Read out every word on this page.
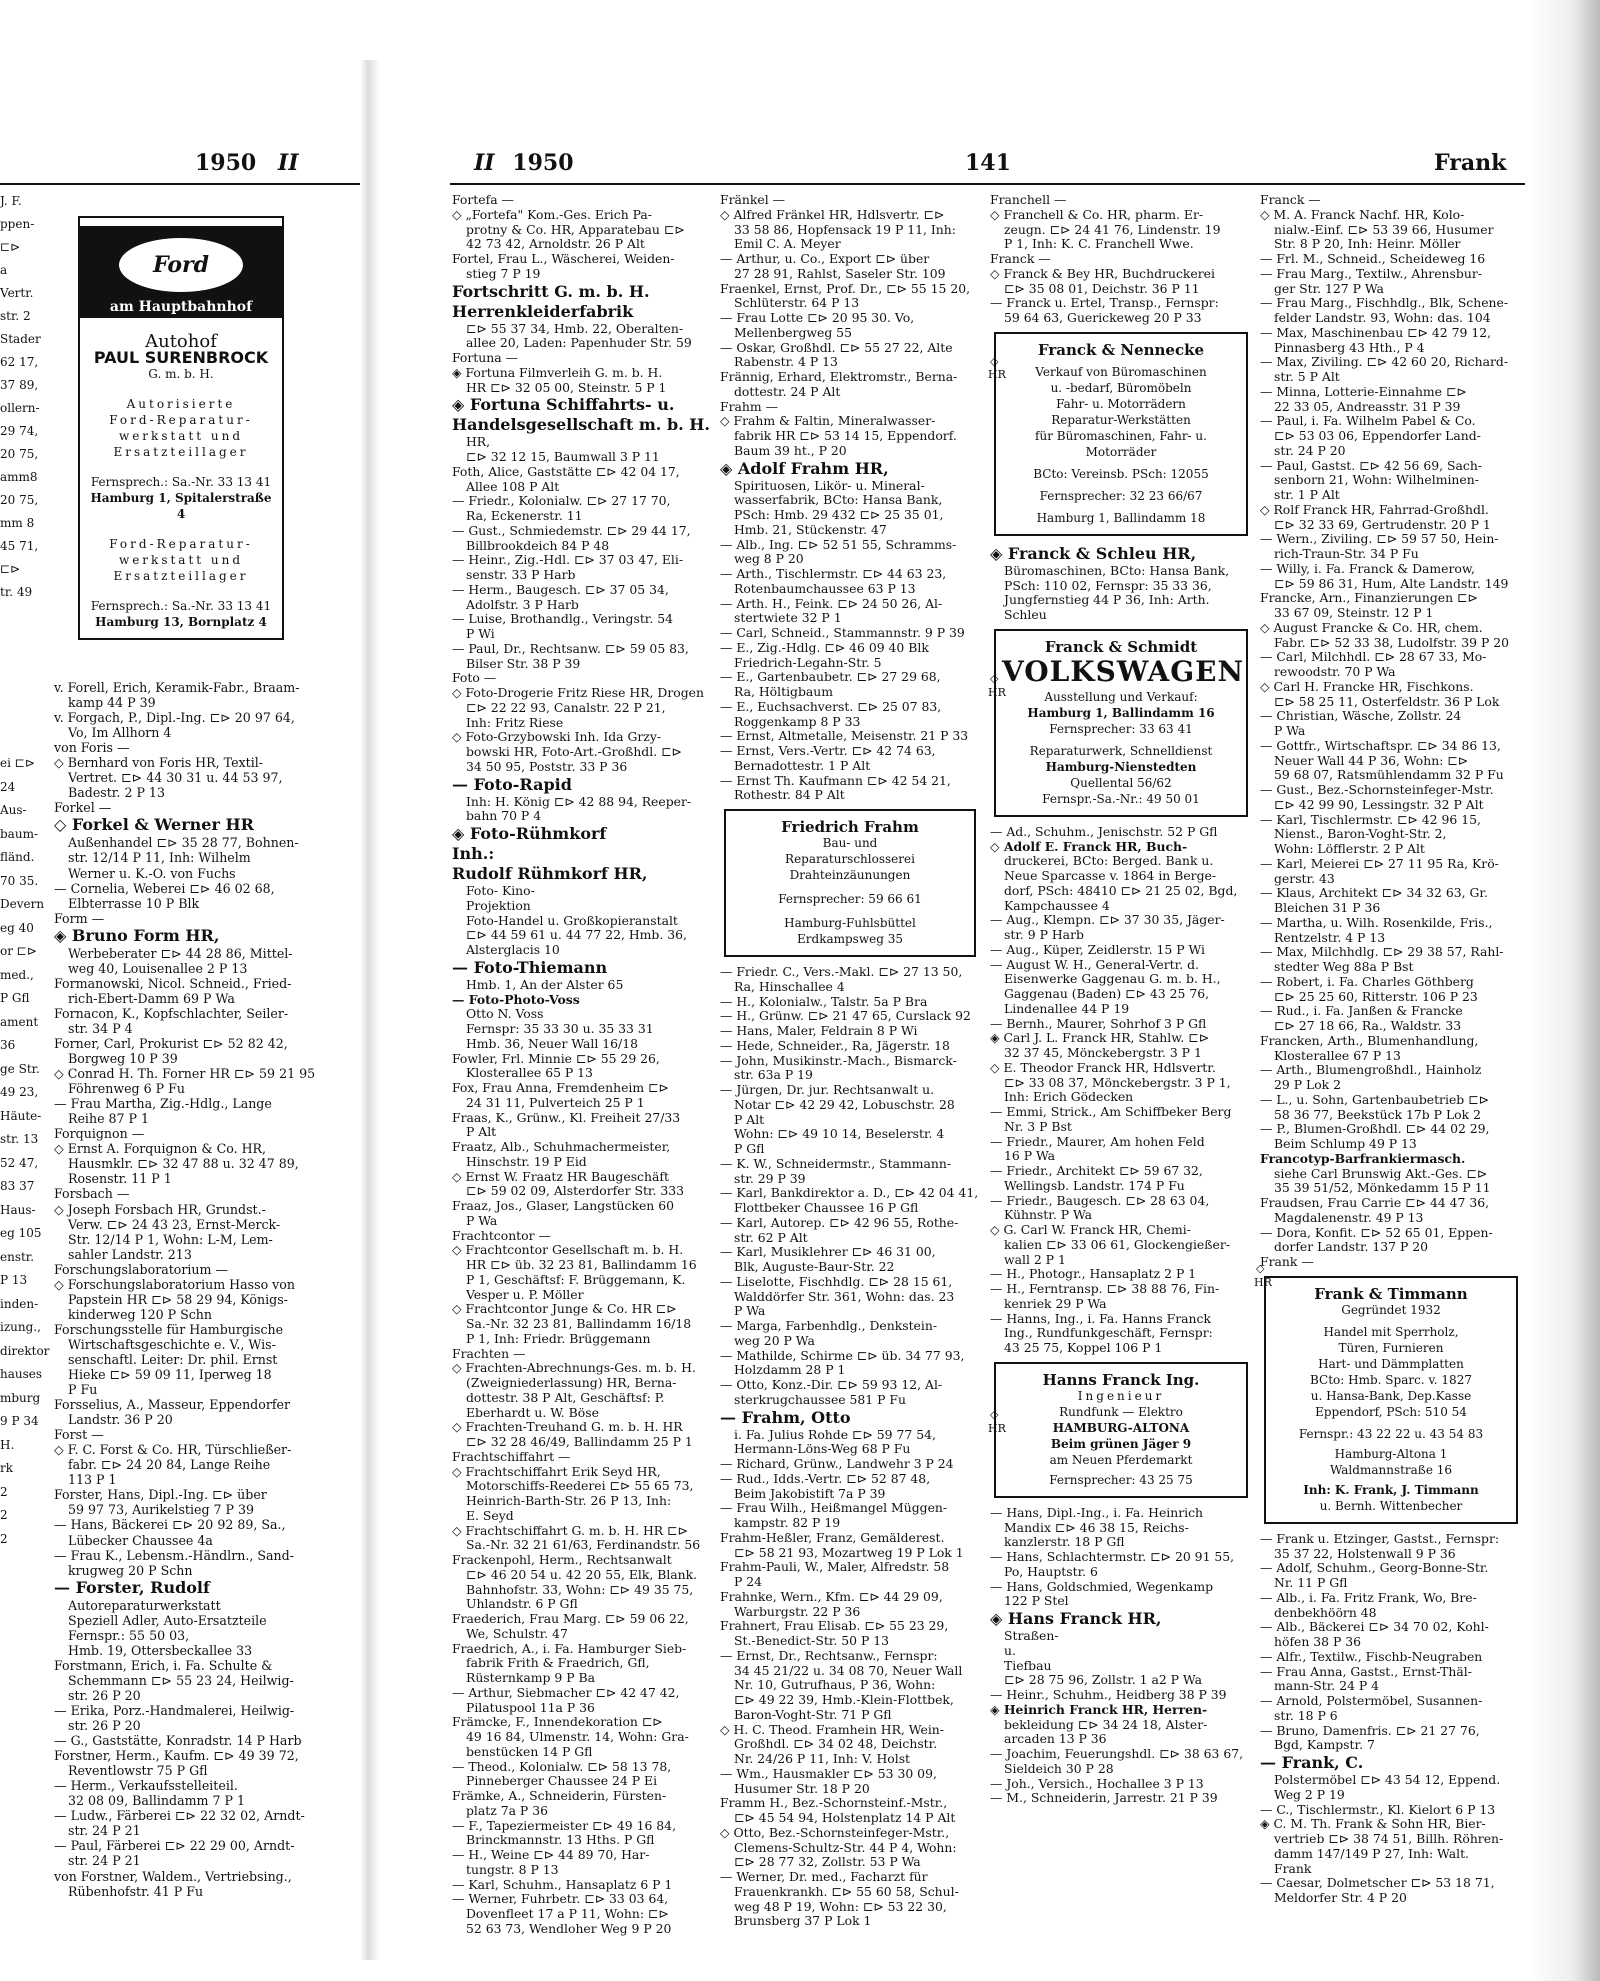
1950 II
J. F.
ppen-
⊏⊳
a
Vertr.
str. 2
Stader
62 17,
37 89,
ollern-
29 74,
20 75,
amm8
20 75,
mm 8
45 71,
⊏⊳
tr. 49
ei ⊏⊳
24
Aus-
baum-
fländ.
70 35.
Devern
eg 40
or ⊏⊳
med.,
P Gfl
ament
36
ge Str.
49 23,
Häute-
str. 13
52 47,
83 37
Haus-
eg 105
enstr.
P 13
inden-
izung.,
direktor
hauses
mburg
9 P 34
H.
rk
2
2
2
Ford
am Hauptbahnhof
Autohof
PAUL SURENBROCK
G. m. b. H.
Autorisierte
Ford-Reparatur-
werkstatt und
Ersatzteillager
Fernsprech.: Sa.-Nr. 33 13 41
Hamburg 1, Spitalerstraße 4
Ford-Reparatur-
werkstatt und
Ersatzteillager
Fernsprech.: Sa.-Nr. 33 13 41
Hamburg 13, Bornplatz 4

v. Forell, Erich, Keramik-Fabr., Braam-

kamp 44 P 39

v. Forgach, P., Dipl.-Ing. ⊏⊳ 20 97 64,

Vo, Im Allhorn 4

von Foris —

◇ Bernhard von Foris HR, Textil-

Vertret. ⊏⊳ 44 30 31 u. 44 53 97,

Badestr. 2 P 13

Forkel —

◇ Forkel & Werner HR

Außenhandel ⊏⊳ 35 28 77, Bohnen-

str. 12/14 P 11, Inh: Wilhelm

Werner u. K.-O. von Fuchs

— Cornelia, Weberei ⊏⊳ 46 02 68,

Elbterrasse 10 P Blk

Form —

◈ Bruno Form HR,

Werbeberater ⊏⊳ 44 28 86, Mittel-

weg 40, Louisenallee 2 P 13

Formanowski, Nicol. Schneid., Fried-

rich-Ebert-Damm 69 P Wa

Fornacon, K., Kopfschlachter, Seiler-

str. 34 P 4

Forner, Carl, Prokurist ⊏⊳ 52 82 42,

Borgweg 10 P 39

◇ Conrad H. Th. Forner HR ⊏⊳ 59 21 95

Föhrenweg 6 P Fu

— Frau Martha, Zig.-Hdlg., Lange

Reihe 87 P 1

Forquignon —

◇ Ernst A. Forquignon & Co. HR,

Hausmklr. ⊏⊳ 32 47 88 u. 32 47 89,

Rosenstr. 11 P 1

Forsbach —

◇ Joseph Forsbach HR, Grundst.-

Verw. ⊏⊳ 24 43 23, Ernst-Merck-

Str. 12/14 P 1, Wohn: L-M, Lem-

sahler Landstr. 213

Forschungslaboratorium —

◇ Forschungslaboratorium Hasso von

Papstein HR ⊏⊳ 58 29 94, Königs-

kinderweg 120 P Schn

Forschungsstelle für Hamburgische

Wirtschaftsgeschichte e. V., Wis-

senschaftl. Leiter: Dr. phil. Ernst

Hieke ⊏⊳ 59 09 11, Iperweg 18

P Fu

Forsselius, A., Masseur, Eppendorfer

Landstr. 36 P 20

Forst —

◇ F. C. Forst & Co. HR, Türschließer-

fabr. ⊏⊳ 24 20 84, Lange Reihe

113 P 1

Forster, Hans, Dipl.-Ing. ⊏⊳ über

59 97 73, Aurikelstieg 7 P 39

— Hans, Bäckerei ⊏⊳ 20 92 89, Sa.,

Lübecker Chaussee 4a

— Frau K., Lebensm.-Händlrn., Sand-

krugweg 20 P Schn

— Forster, Rudolf

Autoreparaturwerkstatt

Speziell Adler, Auto-Ersatzteile

Fernspr.: 55 50 03,

Hmb. 19, Ottersbeckallee 33

Forstmann, Erich, i. Fa. Schulte &

Schemmann ⊏⊳ 55 23 24, Heilwig-

str. 26 P 20

— Erika, Porz.-Handmalerei, Heilwig-

str. 26 P 20

— G., Gaststätte, Konradstr. 14 P Harb

Forstner, Herm., Kaufm. ⊏⊳ 49 39 72,

Reventlowstr 75 P Gfl

— Herm., Verkaufsstelleiteil.

32 08 09, Ballindamm 7 P 1

— Ludw., Färberei ⊏⊳ 22 32 02, Arndt-

str. 24 P 21

— Paul, Färberei ⊏⊳ 22 29 00, Arndt-

str. 24 P 21

von Forstner, Waldem., Vertriebsing.,

Rübenhofstr. 41 P Fu

II 1950	141	Frank

Fortefa —

◇ „Fortefa" Kom.-Ges. Erich Pa-

protny & Co. HR, Apparatebau ⊏⊳

42 73 42, Arnoldstr. 26 P Alt

Fortel, Frau L., Wäscherei, Weiden-

stieg 7 P 19

Fortschritt G. m. b. H.

Herrenkleiderfabrik

⊏⊳ 55 37 34, Hmb. 22, Oberalten-

allee 20, Laden: Papenhuder Str. 59

Fortuna —

◈ Fortuna Filmverleih G. m. b. H.

HR ⊏⊳ 32 05 00, Steinstr. 5 P 1

◈ Fortuna Schiffahrts- u.

Handelsgesellschaft m. b. H.

HR,

⊏⊳ 32 12 15, Baumwall 3 P 11

Foth, Alice, Gaststätte ⊏⊳ 42 04 17,

Allee 108 P Alt

— Friedr., Kolonialw. ⊏⊳ 27 17 70,

Ra, Eckenerstr. 11

— Gust., Schmiedemstr. ⊏⊳ 29 44 17,

Billbrookdeich 84 P 48

— Heinr., Zig.-Hdl. ⊏⊳ 37 03 47, Eli-

senstr. 33 P Harb

— Herm., Baugesch. ⊏⊳ 37 05 34,

Adolfstr. 3 P Harb

— Luise, Brothandlg., Veringstr. 54

P Wi

— Paul, Dr., Rechtsanw. ⊏⊳ 59 05 83,

Bilser Str. 38 P 39

Foto —

◇ Foto-Drogerie Fritz Riese HR, Drogen

⊏⊳ 22 22 93, Canalstr. 22 P 21,

Inh: Fritz Riese

◇ Foto-Grzybowski Inh. Ida Grzy-

bowski HR, Foto-Art.-Großhdl. ⊏⊳

34 50 95, Poststr. 33 P 36

— Foto-Rapid

Inh: H. König ⊏⊳ 42 88 94, Reeper-

bahn 70 P 4

◈ Foto-Rühmkorf

Inh.:

Rudolf Rühmkorf HR,

Foto- Kino-

Projektion

Foto-Handel u. Großkopieranstalt

⊏⊳ 44 59 61 u. 44 77 22, Hmb. 36,

Alsterglacis 10

— Foto-Thiemann

Hmb. 1, An der Alster 65

— Foto-Photo-Voss

Otto N. Voss

Fernspr: 35 33 30 u. 35 33 31

Hmb. 36, Neuer Wall 16/18

Fowler, Frl. Minnie ⊏⊳ 55 29 26,

Klosterallee 65 P 13

Fox, Frau Anna, Fremdenheim ⊏⊳

24 31 11, Pulverteich 25 P 1

Fraas, K., Grünw., Kl. Freiheit 27/33

P Alt

Fraatz, Alb., Schuhmachermeister,

Hinschstr. 19 P Eid

◇ Ernst W. Fraatz HR Baugeschäft

⊏⊳ 59 02 09, Alsterdorfer Str. 333

Fraaz, Jos., Glaser, Langstücken 60

P Wa

Frachtcontor —

◇ Frachtcontor Gesellschaft m. b. H.

HR ⊏⊳ üb. 32 23 81, Ballindamm 16

P 1, Geschäftsf: F. Brüggemann, K.

Vesper u. P. Möller

◇ Frachtcontor Junge & Co. HR ⊏⊳

Sa.-Nr. 32 23 81, Ballindamm 16/18

P 1, Inh: Friedr. Brüggemann

Frachten —

◇ Frachten-Abrechnungs-Ges. m. b. H.

(Zweigniederlassung) HR, Berna-

dottestr. 38 P Alt, Geschäftsf: P.

Eberhardt u. W. Böse

◇ Frachten-Treuhand G. m. b. H. HR

⊏⊳ 32 28 46/49, Ballindamm 25 P 1

Frachtschiffahrt —

◇ Frachtschiffahrt Erik Seyd HR,

Motorschiffs-Reederei ⊏⊳ 55 65 73,

Heinrich-Barth-Str. 26 P 13, Inh:

E. Seyd

◇ Frachtschiffahrt G. m. b. H. HR ⊏⊳

Sa.-Nr. 32 21 61/63, Ferdinandstr. 56

Frackenpohl, Herm., Rechtsanwalt

⊏⊳ 46 20 54 u. 42 20 55, Elk, Blank.

Bahnhofstr. 33, Wohn: ⊏⊳ 49 35 75,

Uhlandstr. 6 P Gfl

Fraederich, Frau Marg. ⊏⊳ 59 06 22,

We, Schulstr. 47

Fraedrich, A., i. Fa. Hamburger Sieb-

fabrik Frith & Fraedrich, Gfl,

Rüsternkamp 9 P Ba

— Arthur, Siebmacher ⊏⊳ 42 47 42,

Pilatuspool 11a P 36

Främcke, F., Innendekoration ⊏⊳

49 16 84, Ulmenstr. 14, Wohn: Gra-

benstücken 14 P Gfl

— Theod., Kolonialw. ⊏⊳ 58 13 78,

Pinneberger Chaussee 24 P Ei

Främke, A., Schneiderin, Fürsten-

platz 7a P 36

— F., Tapeziermeister ⊏⊳ 49 16 84,

Brinckmannstr. 13 Hths. P Gfl

— H., Weine ⊏⊳ 44 89 70, Har-

tungstr. 8 P 13

— Karl, Schuhm., Hansaplatz 6 P 1

— Werner, Fuhrbetr. ⊏⊳ 33 03 64,

Dovenfleet 17 a P 11, Wohn: ⊏⊳

52 63 73, Wendloher Weg 9 P 20

Fränkel —

◇ Alfred Fränkel HR, Hdlsvertr. ⊏⊳

33 58 86, Hopfensack 19 P 11, Inh:

Emil C. A. Meyer

— Arthur, u. Co., Export ⊏⊳ über

27 28 91, Rahlst, Saseler Str. 109

Fraenkel, Ernst, Prof. Dr., ⊏⊳ 55 15 20,

Schlüterstr. 64 P 13

— Frau Lotte ⊏⊳ 20 95 30. Vo,

Mellenbergweg 55

— Oskar, Großhdl. ⊏⊳ 55 27 22, Alte

Rabenstr. 4 P 13

Frännig, Erhard, Elektromstr., Berna-

dottestr. 24 P Alt

Frahm —

◇ Frahm & Faltin, Mineralwasser-

fabrik HR ⊏⊳ 53 14 15, Eppendorf.

Baum 39 ht., P 20

◈ Adolf Frahm HR,

Spirituosen, Likör- u. Mineral-

wasserfabrik, BCto: Hansa Bank,

PSch: Hmb. 29 432 ⊏⊳ 25 35 01,

Hmb. 21, Stückenstr. 47

— Alb., Ing. ⊏⊳ 52 51 55, Schramms-

weg 8 P 20

— Arth., Tischlermstr. ⊏⊳ 44 63 23,

Rotenbaumchaussee 63 P 13

— Arth. H., Feink. ⊏⊳ 24 50 26, Al-

stertwiete 32 P 1

— Carl, Schneid., Stammannstr. 9 P 39

— E., Zig.-Hdlg. ⊏⊳ 46 09 40 Blk

Friedrich-Legahn-Str. 5

— E., Gartenbaubetr. ⊏⊳ 27 29 68,

Ra, Höltigbaum

— E., Euchsachverst. ⊏⊳ 25 07 83,

Roggenkamp 8 P 33

— Ernst, Altmetalle, Meisenstr. 21 P 33

— Ernst, Vers.-Vertr. ⊏⊳ 42 74 63,

Bernadottestr. 1 P Alt

— Ernst Th. Kaufmann ⊏⊳ 42 54 21,

Rothestr. 84 P Alt

Friedrich Frahm
Bau- und
Reparaturschlosserei
Drahteinzäunungen
Fernsprecher: 59 66 61
Hamburg-Fuhlsbüttel
Erdkampsweg 35

— Friedr. C., Vers.-Makl. ⊏⊳ 27 13 50,

Ra, Hinschallee 4

— H., Kolonialw., Talstr. 5a P Bra

— H., Grünw. ⊏⊳ 21 47 65, Curslack 92

— Hans, Maler, Feldrain 8 P Wi

— Hede, Schneider., Ra, Jägerstr. 18

— John, Musikinstr.-Mach., Bismarck-

str. 63a P 19

— Jürgen, Dr. jur. Rechtsanwalt u.

Notar ⊏⊳ 42 29 42, Lobuschstr. 28

P Alt

Wohn: ⊏⊳ 49 10 14, Beselerstr. 4

P Gfl

— K. W., Schneidermstr., Stammann-

str. 29 P 39

— Karl, Bankdirektor a. D., ⊏⊳ 42 04 41,

Flottbeker Chaussee 16 P Gfl

— Karl, Autorep. ⊏⊳ 42 96 55, Rothe-

str. 62 P Alt

— Karl, Musiklehrer ⊏⊳ 46 31 00,

Blk, Auguste-Baur-Str. 22

— Liselotte, Fischhdlg. ⊏⊳ 28 15 61,

Walddörfer Str. 361, Wohn: das. 23

P Wa

— Marga, Farbenhdlg., Denkstein-

weg 20 P Wa

— Mathilde, Schirme ⊏⊳ üb. 34 77 93,

Holzdamm 28 P 1

— Otto, Konz.-Dir. ⊏⊳ 59 93 12, Al-

sterkrugchaussee 581 P Fu

— Frahm, Otto

i. Fa. Julius Rohde ⊏⊳ 59 77 54,

Hermann-Löns-Weg 68 P Fu

— Richard, Grünw., Landwehr 3 P 24

— Rud., Idds.-Vertr. ⊏⊳ 52 87 48,

Beim Jakobistift 7a P 39

— Frau Wilh., Heißmangel Müggen-

kampstr. 82 P 19

Frahm-Heßler, Franz, Gemälderest.

⊏⊳ 58 21 93, Mozartweg 19 P Lok 1

Frahm-Pauli, W., Maler, Alfredstr. 58

P 24

Frahnke, Wern., Kfm. ⊏⊳ 44 29 09,

Warburgstr. 22 P 36

Frahnert, Frau Elisab. ⊏⊳ 55 23 29,

St.-Benedict-Str. 50 P 13

— Ernst, Dr., Rechtsanw., Fernspr:

34 45 21/22 u. 34 08 70, Neuer Wall

Nr. 10, Gutrufhaus, P 36, Wohn:

⊏⊳ 49 22 39, Hmb.-Klein-Flottbek,

Baron-Voght-Str. 71 P Gfl

◇ H. C. Theod. Framhein HR, Wein-

Großhdl. ⊏⊳ 34 02 48, Deichstr.

Nr. 24/26 P 11, Inh: V. Holst

— Wm., Hausmakler ⊏⊳ 53 30 09,

Husumer Str. 18 P 20

Framm H., Bez.-Schornsteinf.-Mstr.,

⊏⊳ 45 54 94, Holstenplatz 14 P Alt

◇ Otto, Bez.-Schornsteinfeger-Mstr.,

Clemens-Schultz-Str. 44 P 4, Wohn:

⊏⊳ 28 77 32, Zollstr. 53 P Wa

— Werner, Dr. med., Facharzt für

Frauenkrankh. ⊏⊳ 55 60 58, Schul-

weg 48 P 19, Wohn: ⊏⊳ 53 22 30,

Brunsberg 37 P Lok 1

Franchell —

◇ Franchell & Co. HR, pharm. Er-

zeugn. ⊏⊳ 24 41 76, Lindenstr. 19

P 1, Inh: K. C. Franchell Wwe.

Franck —

◇ Franck & Bey HR, Buchdruckerei

⊏⊳ 35 08 01, Deichstr. 36 P 11

— Franck u. Ertel, Transp., Fernspr:

59 64 63, Guerickeweg 20 P 33

Franck & Nennecke
Verkauf von Büromaschinen
u. -bedarf, Büromöbeln
Fahr- u. Motorrädern
Reparatur-Werkstätten
für Büromaschinen, Fahr- u.
Motorräder
BCto: Vereinsb. PSch: 12055
Fernsprecher: 32 23 66/67
Hamburg 1, Ballindamm 18

◈ Franck & Schleu HR,

Büromaschinen, BCto: Hansa Bank,

PSch: 110 02, Fernspr: 35 33 36,

Jungfernstieg 44 P 36, Inh: Arth.

Schleu

Franck & Schmidt
VOLKSWAGEN
Ausstellung und Verkauf:
Hamburg 1, Ballindamm 16
Fernsprecher: 33 63 41
Reparaturwerk, Schnelldienst
Hamburg-Nienstedten
Quellental 56/62
Fernspr.-Sa.-Nr.: 49 50 01

— Ad., Schuhm., Jenischstr. 52 P Gfl

◇ Adolf E. Franck HR, Buch-

druckerei, BCto: Berged. Bank u.

Neue Sparcasse v. 1864 in Berge-

dorf, PSch: 48410 ⊏⊳ 21 25 02, Bgd,

Kampchaussee 4

— Aug., Klempn. ⊏⊳ 37 30 35, Jäger-

str. 9 P Harb

— Aug., Küper, Zeidlerstr. 15 P Wi

— August W. H., General-Vertr. d.

Eisenwerke Gaggenau G. m. b. H.,

Gaggenau (Baden) ⊏⊳ 43 25 76,

Lindenallee 44 P 19

— Bernh., Maurer, Sohrhof 3 P Gfl

◈ Carl J. L. Franck HR, Stahlw. ⊏⊳

32 37 45, Mönckebergstr. 3 P 1

◇ E. Theodor Franck HR, Hdlsvertr.

⊏⊳ 33 08 37, Mönckebergstr. 3 P 1,

Inh: Erich Gödecken

— Emmi, Strick., Am Schiffbeker Berg

Nr. 3 P Bst

— Friedr., Maurer, Am hohen Feld

16 P Wa

— Friedr., Architekt ⊏⊳ 59 67 32,

Wellingsb. Landstr. 174 P Fu

— Friedr., Baugesch. ⊏⊳ 28 63 04,

Kühnstr. P Wa

◇ G. Carl W. Franck HR, Chemi-

kalien ⊏⊳ 33 06 61, Glockengießer-

wall 2 P 1

— H., Photogr., Hansaplatz 2 P 1

— H., Ferntransp. ⊏⊳ 38 88 76, Fin-

kenriek 29 P Wa

— Hanns, Ing., i. Fa. Hanns Franck

Ing., Rundfunkgeschäft, Fernspr:

43 25 75, Koppel 106 P 1

Hanns Franck Ing.
Ingenieur
Rundfunk — Elektro
HAMBURG-ALTONA
Beim grünen Jäger 9
am Neuen Pferdemarkt
Fernsprecher: 43 25 75

— Hans, Dipl.-Ing., i. Fa. Heinrich

Mandix ⊏⊳ 46 38 15, Reichs-

kanzlerstr. 18 P Gfl

— Hans, Schlachtermstr. ⊏⊳ 20 91 55,

Po, Hauptstr. 6

— Hans, Goldschmied, Wegenkamp

122 P Stel

◈ Hans Franck HR,

Straßen-

u.

Tiefbau

⊏⊳ 28 75 96, Zollstr. 1 a2 P Wa

— Heinr., Schuhm., Heidberg 38 P 39

◈ Heinrich Franck HR, Herren-

bekleidung ⊏⊳ 34 24 18, Alster-

arcaden 13 P 36

— Joachim, Feuerungshdl. ⊏⊳ 38 63 67,

Sieldeich 30 P 28

— Joh., Versich., Hochallee 3 P 13

— M., Schneiderin, Jarrestr. 21 P 39

Franck —

◇ M. A. Franck Nachf. HR, Kolo-

nialw.-Einf. ⊏⊳ 53 39 66, Husumer

Str. 8 P 20, Inh: Heinr. Möller

— Frl. M., Schneid., Scheideweg 16

— Frau Marg., Textilw., Ahrensbur-

ger Str. 127 P Wa

— Frau Marg., Fischhdlg., Blk, Schene-

felder Landstr. 93, Wohn: das. 104

— Max, Maschinenbau ⊏⊳ 42 79 12,

Pinnasberg 43 Hth., P 4

— Max, Ziviling. ⊏⊳ 42 60 20, Richard-

str. 5 P Alt

— Minna, Lotterie-Einnahme ⊏⊳

22 33 05, Andreasstr. 31 P 39

— Paul, i. Fa. Wilhelm Pabel & Co.

⊏⊳ 53 03 06, Eppendorfer Land-

str. 24 P 20

— Paul, Gastst. ⊏⊳ 42 56 69, Sach-

senborn 21, Wohn: Wilhelminen-

str. 1 P Alt

◇ Rolf Franck HR, Fahrrad-Großhdl.

⊏⊳ 32 33 69, Gertrudenstr. 20 P 1

— Wern., Ziviling. ⊏⊳ 59 57 50, Hein-

rich-Traun-Str. 34 P Fu

— Willy, i. Fa. Franck & Damerow,

⊏⊳ 59 86 31, Hum, Alte Landstr. 149

Francke, Arn., Finanzierungen ⊏⊳

33 67 09, Steinstr. 12 P 1

◇ August Francke & Co. HR, chem.

Fabr. ⊏⊳ 52 33 38, Ludolfstr. 39 P 20

— Carl, Milchhdl. ⊏⊳ 28 67 33, Mo-

rewoodstr. 70 P Wa

◇ Carl H. Francke HR, Fischkons.

⊏⊳ 58 25 11, Osterfeldstr. 36 P Lok

— Christian, Wäsche, Zollstr. 24

P Wa

— Gottfr., Wirtschaftspr. ⊏⊳ 34 86 13,

Neuer Wall 44 P 36, Wohn: ⊏⊳

59 68 07, Ratsmühlendamm 32 P Fu

— Gust., Bez.-Schornsteinfeger-Mstr.

⊏⊳ 42 99 90, Lessingstr. 32 P Alt

— Karl, Tischlermstr. ⊏⊳ 42 96 15,

Nienst., Baron-Voght-Str. 2,

Wohn: Löfflerstr. 2 P Alt

— Karl, Meierei ⊏⊳ 27 11 95 Ra, Krö-

gerstr. 43

— Klaus, Architekt ⊏⊳ 34 32 63, Gr.

Bleichen 31 P 36

— Martha, u. Wilh. Rosenkilde, Fris.,

Rentzelstr. 4 P 13

— Max, Milchhdlg. ⊏⊳ 29 38 57, Rahl-

stedter Weg 88a P Bst

— Robert, i. Fa. Charles Göthberg

⊏⊳ 25 25 60, Ritterstr. 106 P 23

— Rud., i. Fa. Janßen & Francke

⊏⊳ 27 18 66, Ra., Waldstr. 33

Francken, Arth., Blumenhandlung,

Klosterallee 67 P 13

— Arth., Blumengroßhdl., Hainholz

29 P Lok 2

— L., u. Sohn, Gartenbaubetrieb ⊏⊳

58 36 77, Beekstück 17b P Lok 2

— P., Blumen-Großhdl. ⊏⊳ 44 02 29,

Beim Schlump 49 P 13

Francotyp-Barfrankiermasch.

siehe Carl Brunswig Akt.-Ges. ⊏⊳

35 39 51/52, Mönkedamm 15 P 11

Fraudsen, Frau Carrie ⊏⊳ 44 47 36,

Magdalenenstr. 49 P 13

— Dora, Konfit. ⊏⊳ 52 65 01, Eppen-

dorfer Landstr. 137 P 20

Frank —

Frank & Timmann
Gegründet 1932
Handel mit Sperrholz,
Türen, Furnieren
Hart- und Dämmplatten
BCto: Hmb. Sparc. v. 1827
u. Hansa-Bank, Dep.Kasse
Eppendorf, PSch: 510 54
Fernspr.: 43 22 22 u. 43 54 83
Hamburg-Altona 1
Waldmannstraße 16
Inh: K. Frank, J. Timmann
u. Bernh. Wittenbecher

— Frank u. Etzinger, Gastst., Fernspr:

35 37 22, Holstenwall 9 P 36

— Adolf, Schuhm., Georg-Bonne-Str.

Nr. 11 P Gfl

— Alb., i. Fa. Fritz Frank, Wo, Bre-

denbekhöörn 48

— Alb., Bäckerei ⊏⊳ 34 70 02, Kohl-

höfen 38 P 36

— Alfr., Textilw., Fischb-Neugraben

— Frau Anna, Gastst., Ernst-Thäl-

mann-Str. 24 P 4

— Arnold, Polstermöbel, Susannen-

str. 18 P 6

— Bruno, Damenfris. ⊏⊳ 21 27 76,

Bgd, Kampstr. 7

— Frank, C.

Polstermöbel ⊏⊳ 43 54 12, Eppend.

Weg 2 P 19

— C., Tischlermstr., Kl. Kielort 6 P 13

◈ C. M. Th. Frank & Sohn HR, Bier-

vertrieb ⊏⊳ 38 74 51, Billh. Röhren-

damm 147/149 P 27, Inh: Walt.

Frank

— Caesar, Dolmetscher ⊏⊳ 53 18 71,

Meldorfer Str. 4 P 20

◇
HR
◇
HR
◇
HR
◇
HR
